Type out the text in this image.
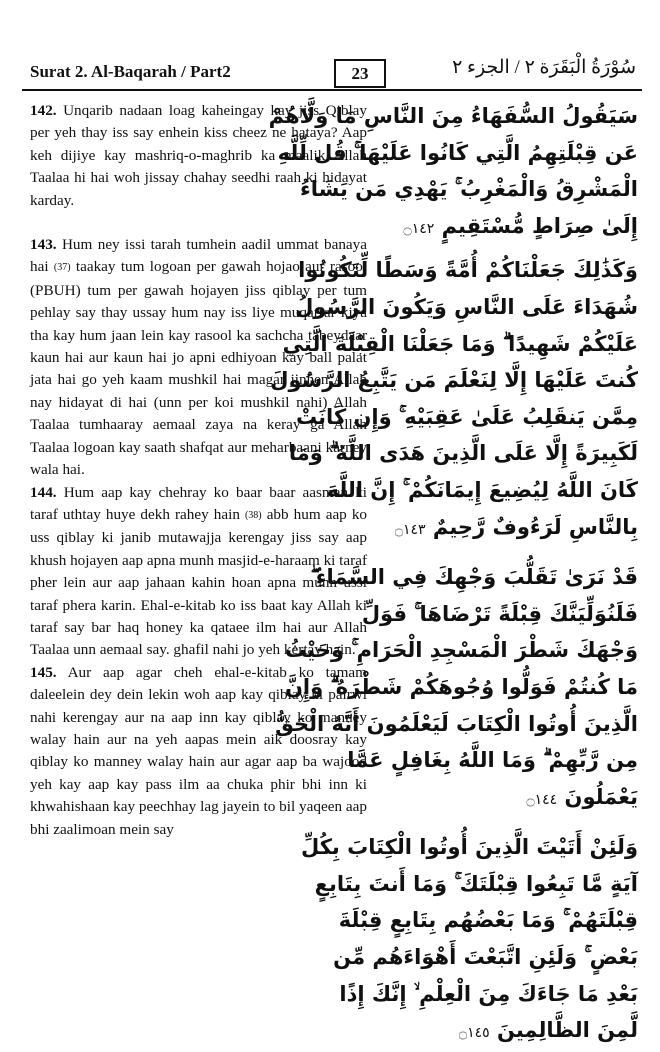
Surat 2. Al-Baqarah / Part2	23	سُوْرَةُ الْبَقَرَة ٢ / الجزء ٢

142. Unqarib nadaan loag kaheingay kay jiss Qiblay per yeh thay iss say enhein kiss cheez ne hataya? Aap keh dijiye kay mashriq-o-maghrib ka maalik Allah Taalaa hi hai woh jissay chahay seedhi raah ki hidayat karday.

143. Hum ney issi tarah tumhein aadil ummat banaya hai (37) taakay tum logoan per gawah hojao aur rasool (PBUH) tum per gawah hojayen jiss qiblay per tum pehlay say thay ussay hum nay iss liye muqarrar kiya tha kay hum jaan lein kay rasool ka sachcha tabeydaar kaun hai aur kaun hai jo apni edhiyoan kay ball palat jata hai go yeh kaam mushkil hai magar jinhen Allah nay hidayat di hai (unn per koi mushkil nahi) Allah Taalaa tumhaaray aemaal zaya na keray ga Allah Taalaa logoan kay saath shafqat aur meharbaani karney wala hai.

144. Hum aap kay chehray ko baar baar aasman ki taraf uthtay huye dekh rahey hain (38) abb hum aap ko uss qiblay ki janib mutawajja kerengay jiss say aap khush hojayen aap apna munh masjid-e-haraam ki taraf pher lein aur aap jahaan kahin hoan apna munh ussi taraf phera karin. Ehal-e-kitab ko iss baat kay Allah ki taraf say bar haq honey ka qataee ilm hai aur Allah Taalaa unn aemaal say. ghafil nahi jo yeh kertay hain.

145. Aur aap agar cheh ehal-e-kitab ko tamam daleelein dey dein lekin woh aap kay qiblay ki pairwi nahi kerengay aur na aap inn kay qiblay ko manney walay hain aur na yeh aapas mein aik doosray kay qiblay ko manney walay hain aur agar aap ba wajood yeh kay aap kay pass ilm aa chuka phir bhi inn ki khwahishaan kay peechhay lag jayein to bil yaqeen aap bhi zaalimoan mein say

سَيَقُولُ السُّفَهَاءُ مِنَ النَّاسِ مَا وَلَّاهُمْ
عَن قِبْلَتِهِمُ الَّتِي كَانُوا عَلَيْهَا ۚ قُل لِّلَّهِ
الْمَشْرِقُ وَالْمَغْرِبُ ۚ يَهْدِي مَن يَشَاءُ
إِلَىٰ صِرَاطٍ مُّسْتَقِيمٍ ۝١٤٢
وَكَذَٰلِكَ جَعَلْنَاكُمْ أُمَّةً وَسَطًا لِّتَكُونُوا
شُهَدَاءَ عَلَى النَّاسِ وَيَكُونَ الرَّسُولُ
عَلَيْكُمْ شَهِيدًا ۗ وَمَا جَعَلْنَا الْقِبْلَةَ الَّتِي
كُنتَ عَلَيْهَا إِلَّا لِنَعْلَمَ مَن يَتَّبِعُ الرَّسُولَ
مِمَّن يَنقَلِبُ عَلَىٰ عَقِبَيْهِ ۚ وَإِن كَانَتْ
لَكَبِيرَةً إِلَّا عَلَى الَّذِينَ هَدَى اللَّهُ ۗ وَمَا
كَانَ اللَّهُ لِيُضِيعَ إِيمَانَكُمْ ۚ إِنَّ اللَّهَ
بِالنَّاسِ لَرَءُوفٌ رَّحِيمٌ ۝١٤٣
قَدْ نَرَىٰ تَقَلُّبَ وَجْهِكَ فِي السَّمَاءِ ۖ
فَلَنُوَلِّيَنَّكَ قِبْلَةً تَرْضَاهَا ۚ فَوَلِّ
وَجْهَكَ شَطْرَ الْمَسْجِدِ الْحَرَامِ ۚ وَحَيْثُ
مَا كُنتُمْ فَوَلُّوا وُجُوهَكُمْ شَطْرَهُ ۗ وَإِنَّ
الَّذِينَ أُوتُوا الْكِتَابَ لَيَعْلَمُونَ أَنَّهُ الْحَقُّ
مِن رَّبِّهِمْ ۗ وَمَا اللَّهُ بِغَافِلٍ عَمَّا
يَعْمَلُونَ ۝١٤٤
وَلَئِنْ أَتَيْتَ الَّذِينَ أُوتُوا الْكِتَابَ بِكُلِّ
آيَةٍ مَّا تَبِعُوا قِبْلَتَكَ ۚ وَمَا أَنتَ بِتَابِعٍ
قِبْلَتَهُمْ ۚ وَمَا بَعْضُهُم بِتَابِعٍ قِبْلَةَ
بَعْضٍ ۚ وَلَئِنِ اتَّبَعْتَ أَهْوَاءَهُم مِّن
بَعْدِ مَا جَاءَكَ مِنَ الْعِلْمِ ۙ إِنَّكَ إِذًا
لَّمِنَ الظَّالِمِينَ ۝١٤٥
